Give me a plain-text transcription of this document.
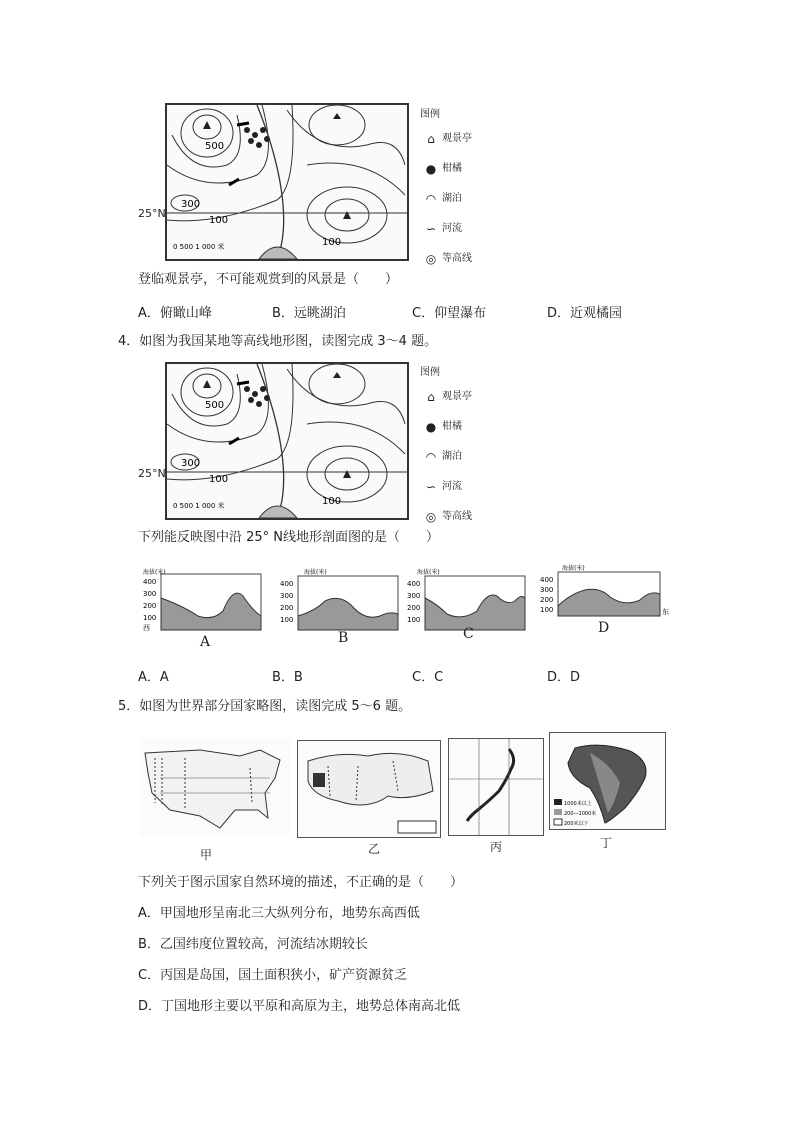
500
300
100
100
0 500 1 000 米
25°N
图例
⌂ 观景亭
● 柑橘
◠ 湖泊
∽ 河流
◎ 等高线
登临观景亭，不可能观赏到的风景是（　　）
A．俯瞰山峰	B．远眺湖泊	C．仰望瀑布	D．近观橘园
4．如图为我国某地等高线地形图，读图完成 3～4 题。
500
300
100
100
0 500 1 000 米
25°N
图例
⌂ 观景亭
● 柑橘
◠ 湖泊
∽ 河流
◎ 等高线
下列能反映图中沿 25° N线地形剖面图的是（　　）
海拔(米)
400
300
200
100
西
A
海拔(米)
400
300
200
100
B
海拔(米)
400
300
200
100
C
海拔(米)
400
300
200
100	东
D
A．A	B．B	C．C	D．D
5．如图为世界部分国家略图，读图完成 5～6 题。
甲	乙	丙
1000米以上
200—1000米
200米以下
丁
下列关于图示国家自然环境的描述，不正确的是（　　）
A．甲国地形呈南北三大纵列分布，地势东高西低
B．乙国纬度位置较高，河流结冰期较长
C．丙国是岛国，国土面积狭小，矿产资源贫乏
D．丁国地形主要以平原和高原为主，地势总体南高北低
